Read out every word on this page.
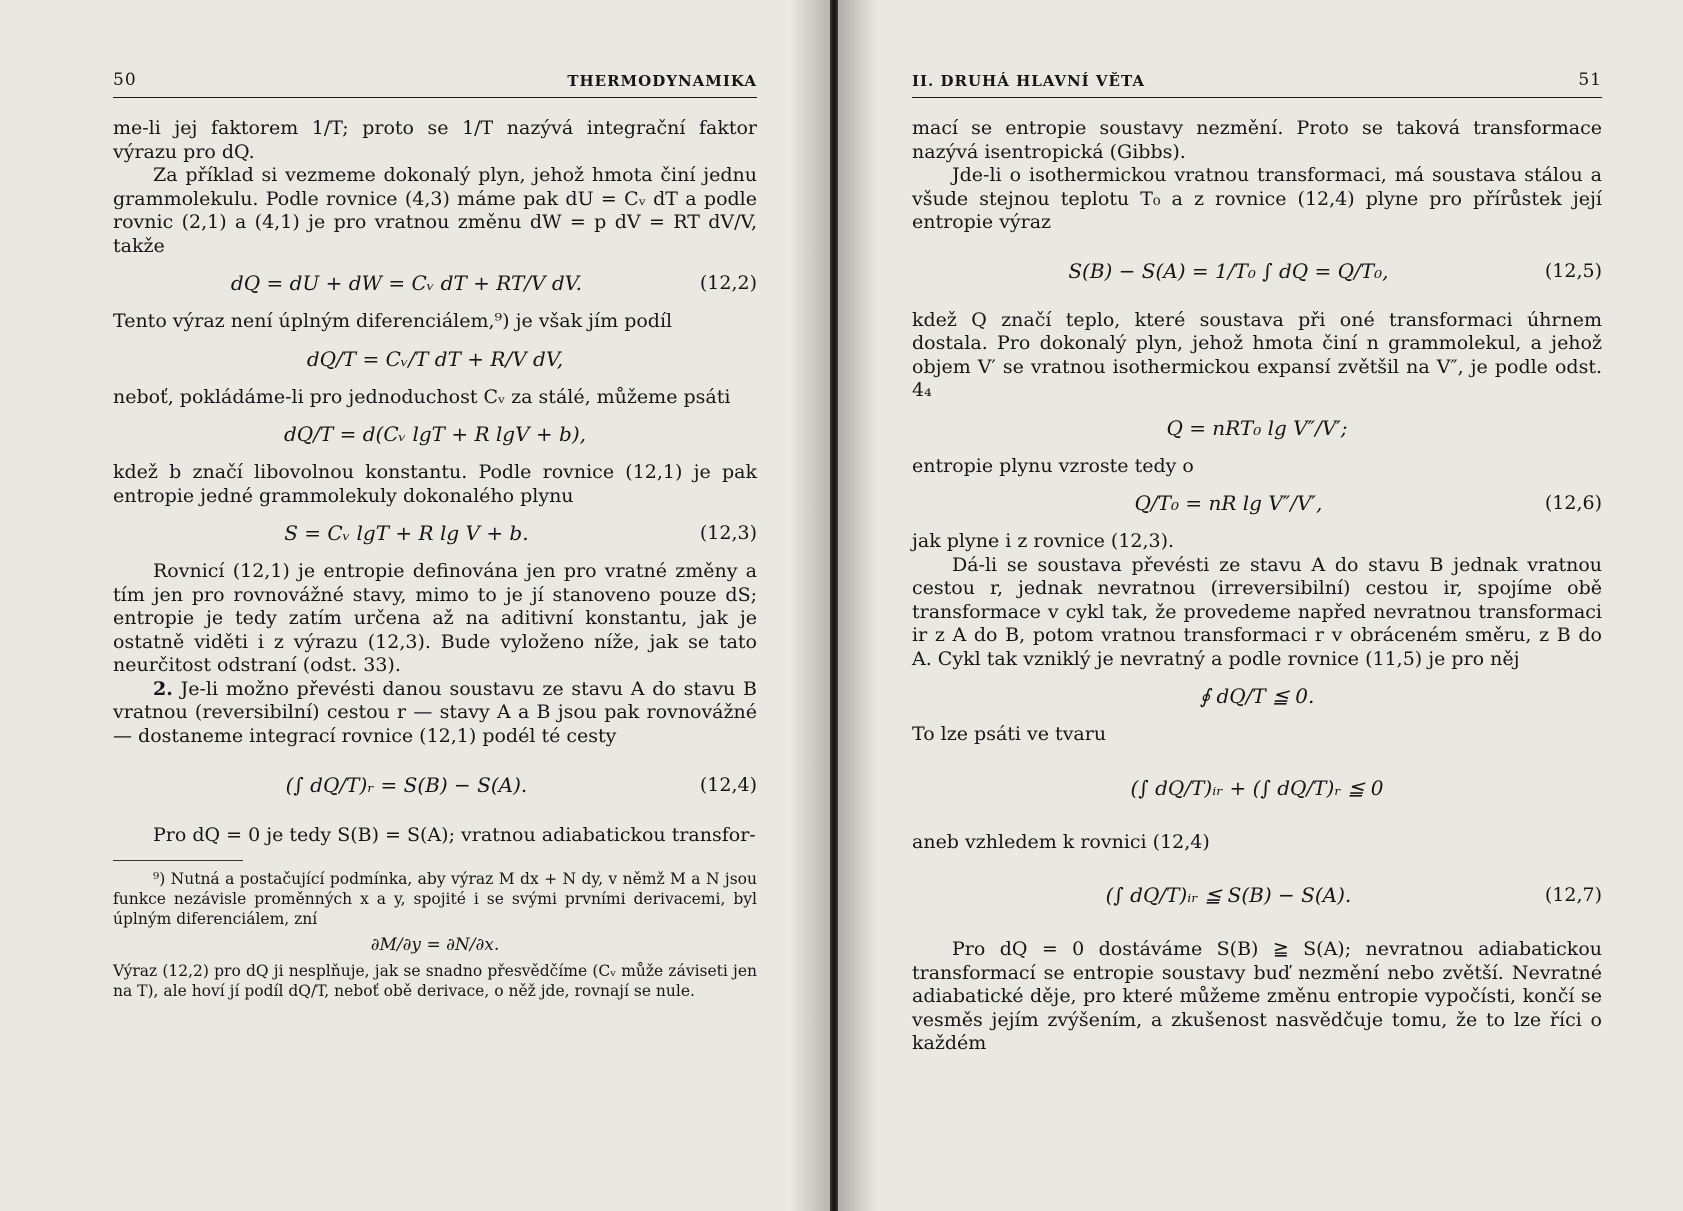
50	THERMODYNAMIKA

me-li jej faktorem 1/T; proto se 1/T nazývá integrační faktor výrazu pro dQ.

Za příklad si vezmeme dokonalý plyn, jehož hmota činí jednu grammolekulu. Podle rovnice (4,3) máme pak dU = Cᵥ dT a podle rovnic (2,1) a (4,1) je pro vratnou změnu dW = p dV = RT dV/V, takže

dQ = dU + dW = Cᵥ dT + RT/V dV.	(12,2)

Tento výraz není úplným diferenciálem,⁹) je však jím podíl

dQ/T = Cᵥ/T dT + R/V dV,

neboť, pokládáme-li pro jednoduchost Cᵥ za stálé, můžeme psáti

dQ/T = d(Cᵥ lgT + R lgV + b),

kdež b značí libovolnou konstantu. Podle rovnice (12,1) je pak entropie jedné grammolekuly dokonalého plynu

S = Cᵥ lgT + R lg V + b.	(12,3)

Rovnicí (12,1) je entropie definována jen pro vratné změny a tím jen pro rovnovážné stavy, mimo to je jí stanoveno pouze dS; entropie je tedy zatím určena až na aditivní konstantu, jak je ostatně viděti i z výrazu (12,3). Bude vyloženo níže, jak se tato neurčitost odstraní (odst. 33).

2. Je-li možno převésti danou soustavu ze stavu A do stavu B vratnou (reversibilní) cestou r — stavy A a B jsou pak rovnovážné — dostaneme integrací rovnice (12,1) podél té cesty

(∫ dQ/T)ᵣ = S(B) − S(A).	(12,4)

Pro dQ = 0 je tedy S(B) = S(A); vratnou adiabatickou transfor-

⁹) Nutná a postačující podmínka, aby výraz M dx + N dy, v němž M a N jsou funkce nezávisle proměnných x a y, spojité i se svými prvními derivacemi, byl úplným diferenciálem, zní

∂M/∂y = ∂N/∂x.

Výraz (12,2) pro dQ ji nesplňuje, jak se snadno přesvědčíme (Cᵥ může záviseti jen na T), ale hoví jí podíl dQ/T, neboť obě derivace, o něž jde, rovnají se nule.

II. DRUHÁ HLAVNÍ VĚTA	51

mací se entropie soustavy nezmění. Proto se taková transformace nazývá isentropická (Gibbs).

Jde-li o isothermickou vratnou transformaci, má soustava stálou a všude stejnou teplotu T₀ a z rovnice (12,4) plyne pro přírůstek její entropie výraz

S(B) − S(A) = 1/T₀ ∫ dQ = Q/T₀,	(12,5)

kdež Q značí teplo, které soustava při oné transformaci úhrnem dostala. Pro dokonalý plyn, jehož hmota činí n grammolekul, a jehož objem V′ se vratnou isothermickou expansí zvětšil na V″, je podle odst. 4₄

Q = nRT₀ lg V″/V′;

entropie plynu vzroste tedy o

Q/T₀ = nR lg V″/V′,	(12,6)

jak plyne i z rovnice (12,3).

Dá-li se soustava převésti ze stavu A do stavu B jednak vratnou cestou r, jednak nevratnou (irreversibilní) cestou ir, spojíme obě transformace v cykl tak, že provedeme napřed nevratnou transformaci ir z A do B, potom vratnou transformaci r v obráceném směru, z B do A. Cykl tak vzniklý je nevratný a podle rovnice (11,5) je pro něj

∮ dQ/T ≦ 0.

To lze psáti ve tvaru

(∫ dQ/T)ᵢᵣ + (∫ dQ/T)ᵣ ≦ 0

aneb vzhledem k rovnici (12,4)

(∫ dQ/T)ᵢᵣ ≦ S(B) − S(A).	(12,7)

Pro dQ = 0 dostáváme S(B) ≧ S(A); nevratnou adiabatickou transformací se entropie soustavy buď nezmění nebo zvětší. Nevratné adiabatické děje, pro které můžeme změnu entropie vypočísti, končí se vesměs jejím zvýšením, a zkušenost nasvědčuje tomu, že to lze říci o každém
